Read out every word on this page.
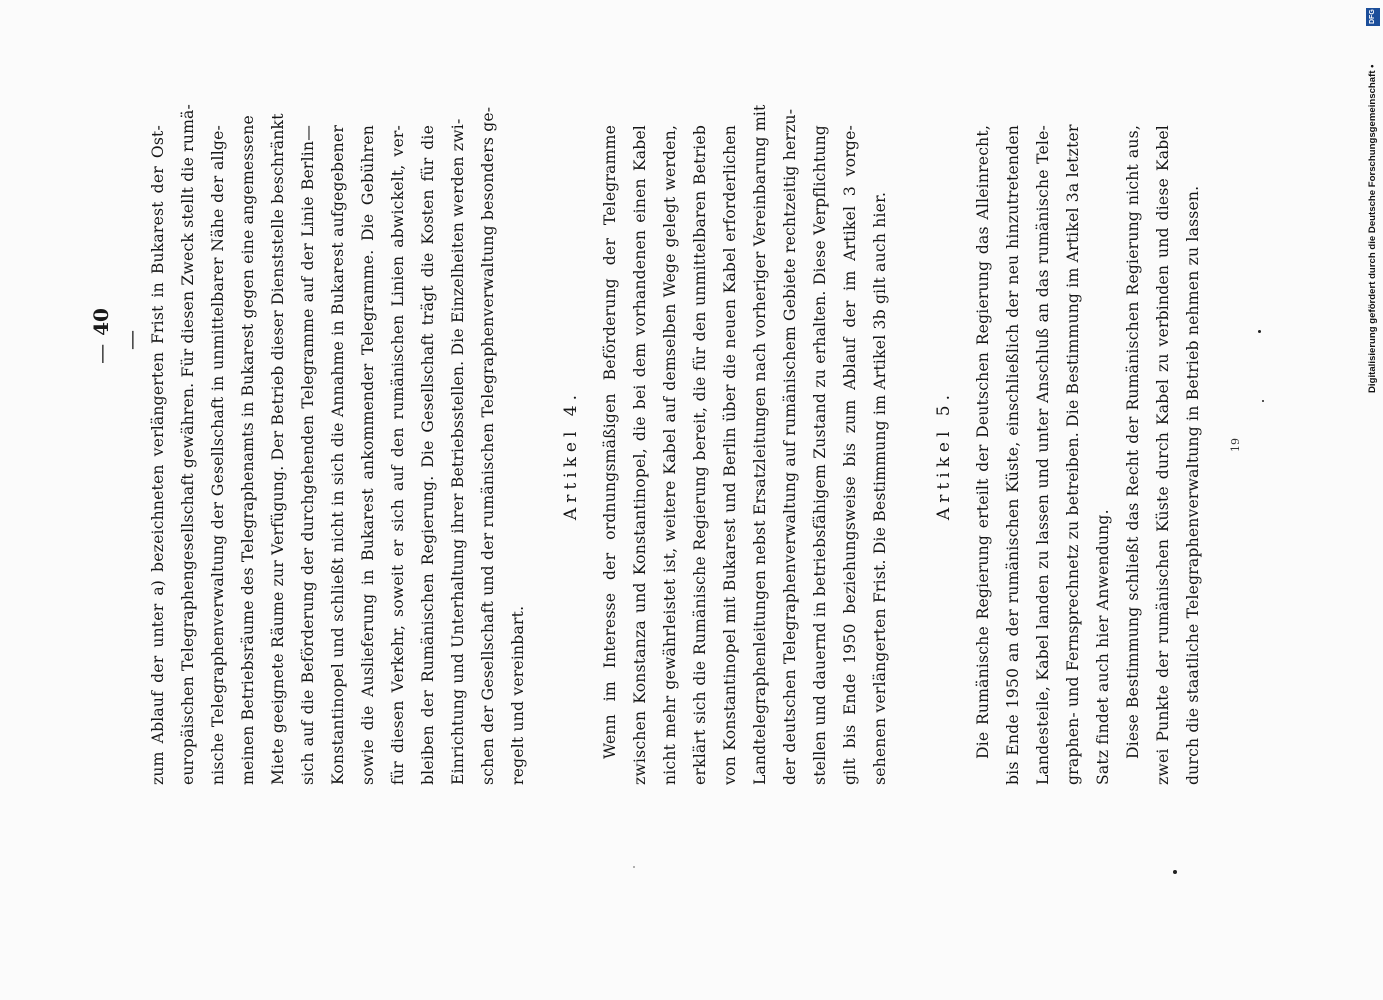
—40— zum Ablauf der unter a) bezeichneten verlängerten Frist in Bukarest der Ost- europäischen Telegraphengesellschaft gewähren. Für diesen Zweck stellt die rumä- nische Telegraphenverwaltung der Gesellschaft in unmittelbarer Nähe der allge- meinen Betriebsräume des Telegraphenamts in Bukarest gegen eine angemessene Miete geeignete Räume zur Verfügung. Der Betrieb dieser Dienststelle beschränkt sich auf die Beförderung der durchgehenden Telegramme auf der Linie Berlin— Konstantinopel und schließt nicht in sich die Annahme in Bukarest aufgegebener sowie die Auslieferung in Bukarest ankommender Telegramme. Die Gebühren für diesen Verkehr, soweit er sich auf den rumänischen Linien abwickelt, ver- bleiben der Rumänischen Regierung. Die Gesellschaft trägt die Kosten für die Einrichtung und Unterhaltung ihrer Betriebsstellen. Die Einzelheiten werden zwi- schen der Gesellschaft und der rumänischen Telegraphenverwaltung besonders ge- regelt und vereinbart.
Artikel 4.	Wenn im Interesse der ordnungsmäßigen Beförderung der Telegramme zwischen Konstanza und Konstantinopel, die bei dem vorhandenen einen Kabel nicht mehr gewährleistet ist, weitere Kabel auf demselben Wege gelegt werden, erklärt sich die Rumänische Regierung bereit, die für den unmittelbaren Betrieb von Konstantinopel mit Bukarest und Berlin über die neuen Kabel erforderlichen Landtelegraphenleitungen nebst Ersatzleitungen nach vorheriger Vereinbarung mit der deutschen Telegraphenverwaltung auf rumänischem Gebiete rechtzeitig herzu- stellen und dauernd in betriebsfähigem Zustand zu erhalten. Diese Verpflichtung gilt bis Ende 1950 beziehungsweise bis zum Ablauf der im Artikel 3 vorge- sehenen verlängerten Frist. Die Bestimmung im Artikel 3b gilt auch hier.	Artikel 5.	Die Rumänische Regierung erteilt der Deutschen Regierung das Alleinrecht, bis Ende 1950 an der rumänischen Küste, einschließlich der neu hinzutretenden Landesteile, Kabel landen zu lassen und unter Anschluß an das rumänische Tele- graphen- und Fernsprechnetz zu betreiben. Die Bestimmung im Artikel 3a letzter Satz findet auch hier Anwendung. Diese Bestimmung schließt das Recht der Rumänischen Regierung nicht aus, zwei Punkte der rumänischen Küste durch Kabel zu verbinden und diese Kabel durch die staatliche Telegraphenverwaltung in Betrieb nehmen zu lassen.	19
DFG
Digitalisierung gefördert durch die Deutsche Forschungsgemeinschaft •
